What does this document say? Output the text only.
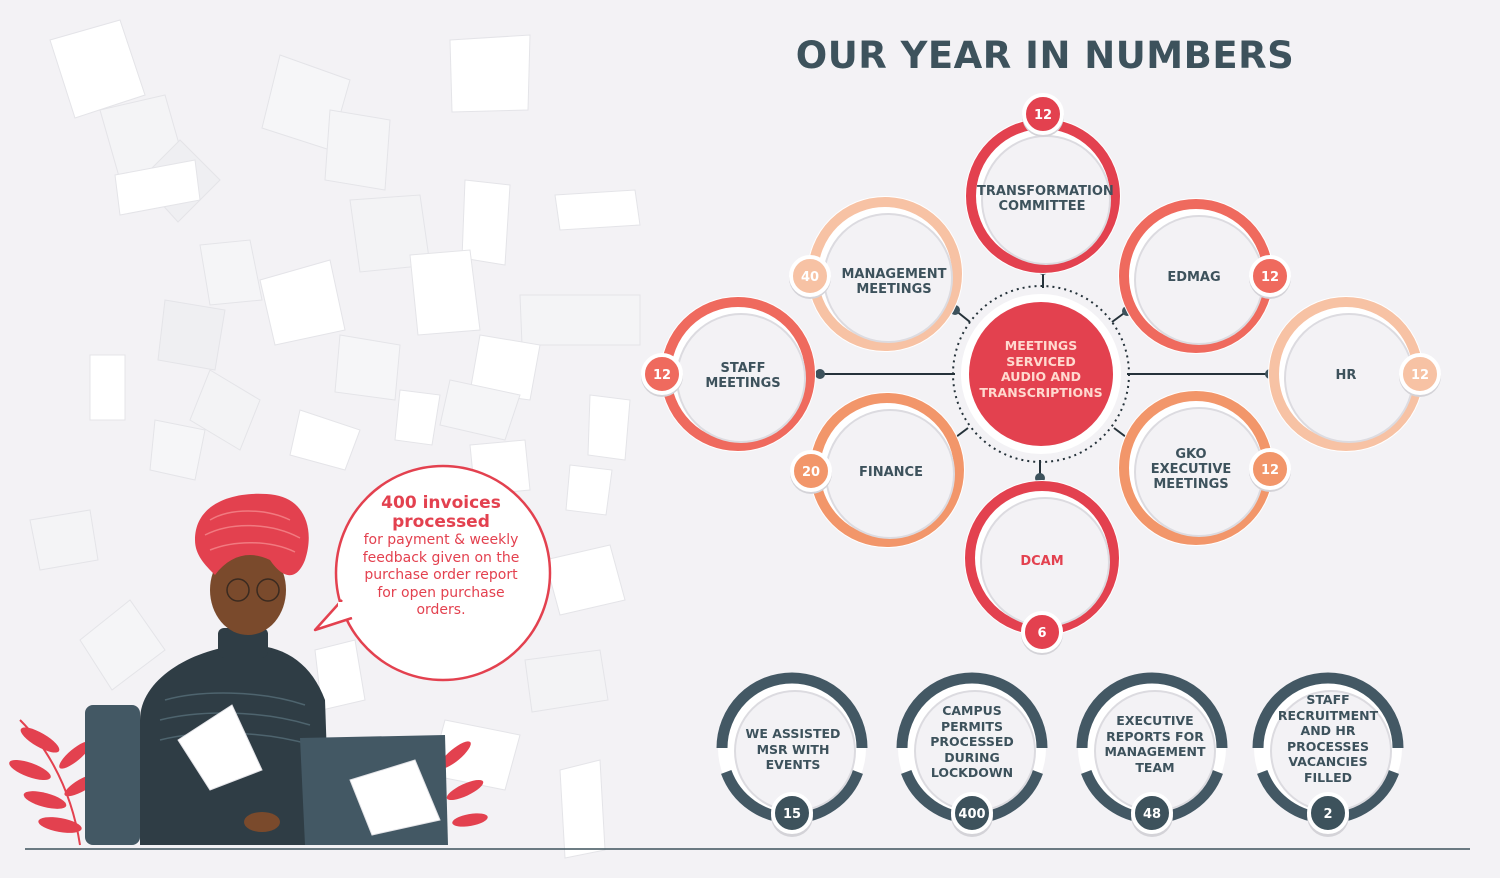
400 invoices
processed
for payment & weekly
feedback given on the
purchase order report
for open purchase
orders.
OUR YEAR IN NUMBERS
12
40	12
12	12
20	12
6
15	400	48	2
MEETINGS
SERVICED
AUDIO AND
TRANSCRIPTIONS
TRANSFORMATION
COMMITTEE
MANAGEMENT
MEETINGS
EDMAG
STAFF
MEETINGS
HR
FINANCE
GKO
EXECUTIVE
MEETINGS
DCAM
WE ASSISTED
MSR WITH
EVENTS
CAMPUS
PERMITS
PROCESSED
DURING
LOCKDOWN
EXECUTIVE
REPORTS FOR
MANAGEMENT
TEAM
STAFF
RECRUITMENT
AND HR
PROCESSES
VACANCIES
FILLED
